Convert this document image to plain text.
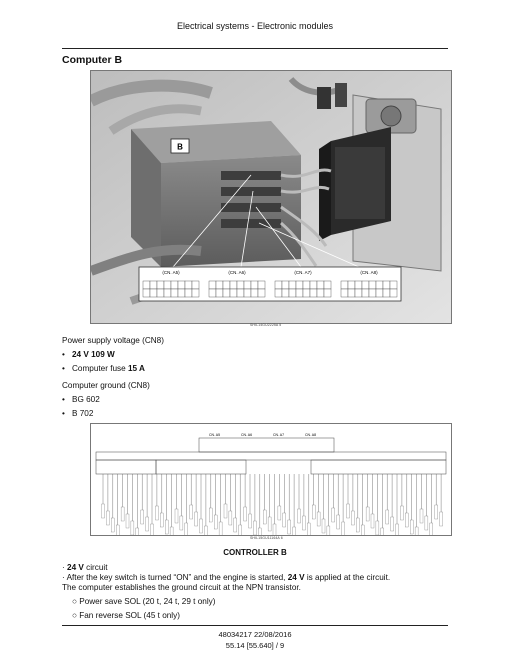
Electrical systems - Electronic modules
Computer B
B
(CN. A5)	(CN. A6)	(CN. A7)	(CN. A8)
SHIL14GU2225A 5
Power supply voltage (CN8)
• 24 V 109 W
• Computer fuse 15 A
Computer ground (CN8)
• BG 602
• B 702
CN. A5	CN. A6	CN. A7	CN. A8
SHIL15GU11164A 6
CONTROLLER B
· 24 V circuit
· After the key switch is turned “ON” and the engine is started, 24 V is applied at the circuit.
The computer establishes the ground circuit at the NPN transistor.
○ Power save SOL (20 t, 24 t, 29 t only)
○ Fan reverse SOL (45 t only)
48034217 22/08/2016
55.14 [55.640] / 9
